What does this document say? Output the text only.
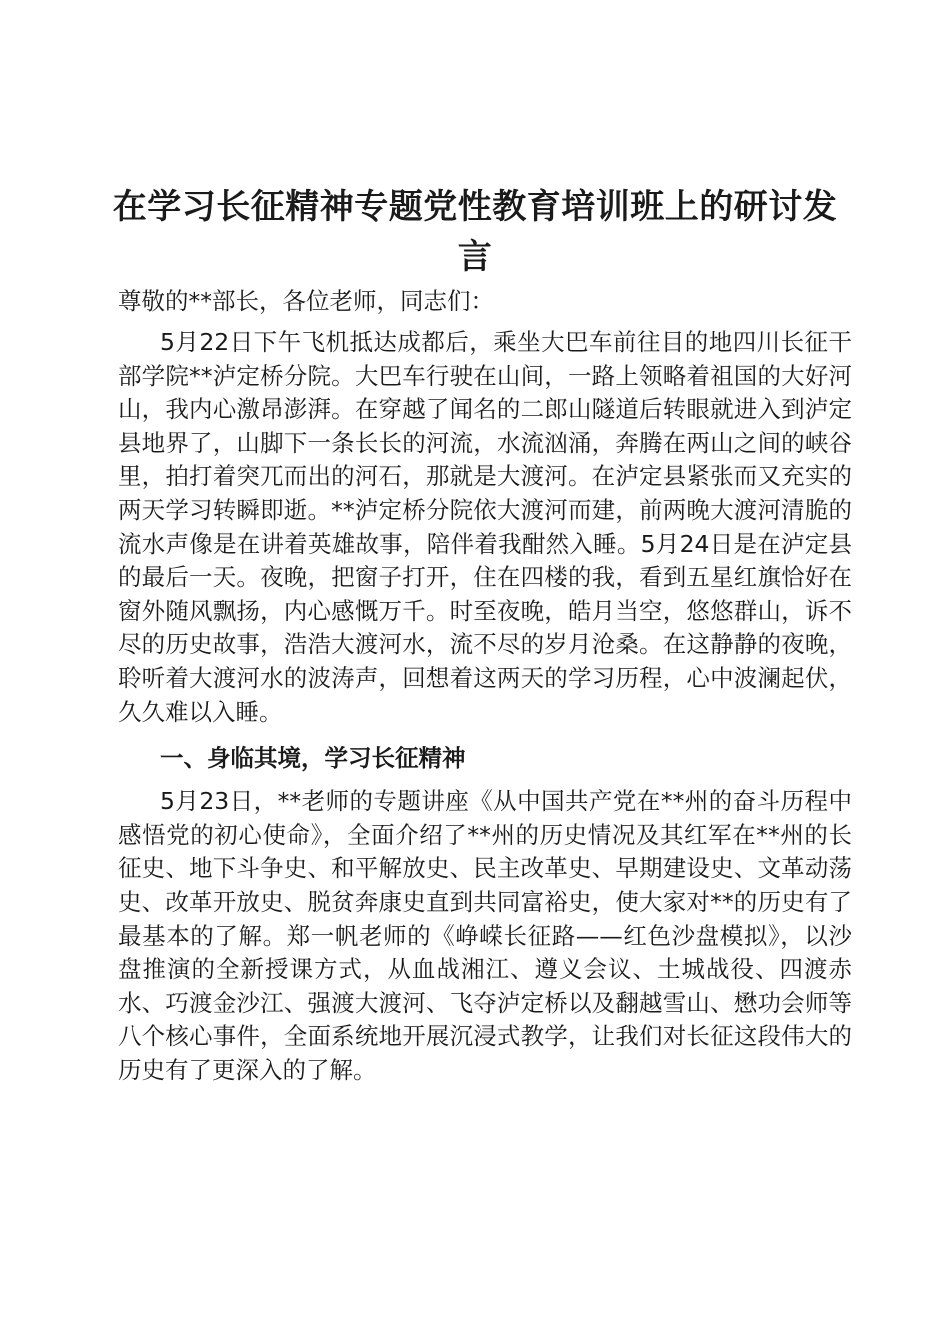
在学习长征精神专题党性教育培训班上的研讨发言

尊敬的**部长，各位老师，同志们：

5月22日下午飞机抵达成都后，乘坐大巴车前往目的地四川长征干部学院**泸定桥分院。大巴车行驶在山间，一路上领略着祖国的大好河山，我内心激昂澎湃。在穿越了闻名的二郎山隧道后转眼就进入到泸定县地界了，山脚下一条长长的河流，水流汹涌，奔腾在两山之间的峡谷里，拍打着突兀而出的河石，那就是大渡河。在泸定县紧张而又充实的两天学习转瞬即逝。**泸定桥分院依大渡河而建，前两晚大渡河清脆的流水声像是在讲着英雄故事，陪伴着我酣然入睡。5月24日是在泸定县的最后一天。夜晚，把窗子打开，住在四楼的我，看到五星红旗恰好在窗外随风飘扬，内心感慨万千。时至夜晚，皓月当空，悠悠群山，诉不尽的历史故事，浩浩大渡河水，流不尽的岁月沧桑。在这静静的夜晚，聆听着大渡河水的波涛声，回想着这两天的学习历程，心中波澜起伏，久久难以入睡。

一、身临其境，学习长征精神

5月23日，**老师的专题讲座《从中国共产党在**州的奋斗历程中感悟党的初心使命》，全面介绍了**州的历史情况及其红军在**州的长征史、地下斗争史、和平解放史、民主改革史、早期建设史、文革动荡史、改革开放史、脱贫奔康史直到共同富裕史，使大家对**的历史有了最基本的了解。郑一帆老师的《峥嵘长征路——红色沙盘模拟》，以沙盘推演的全新授课方式，从血战湘江、遵义会议、土城战役、四渡赤水、巧渡金沙江、强渡大渡河、飞夺泸定桥以及翻越雪山、懋功会师等八个核心事件，全面系统地开展沉浸式教学，让我们对长征这段伟大的历史有了更深入的了解。
